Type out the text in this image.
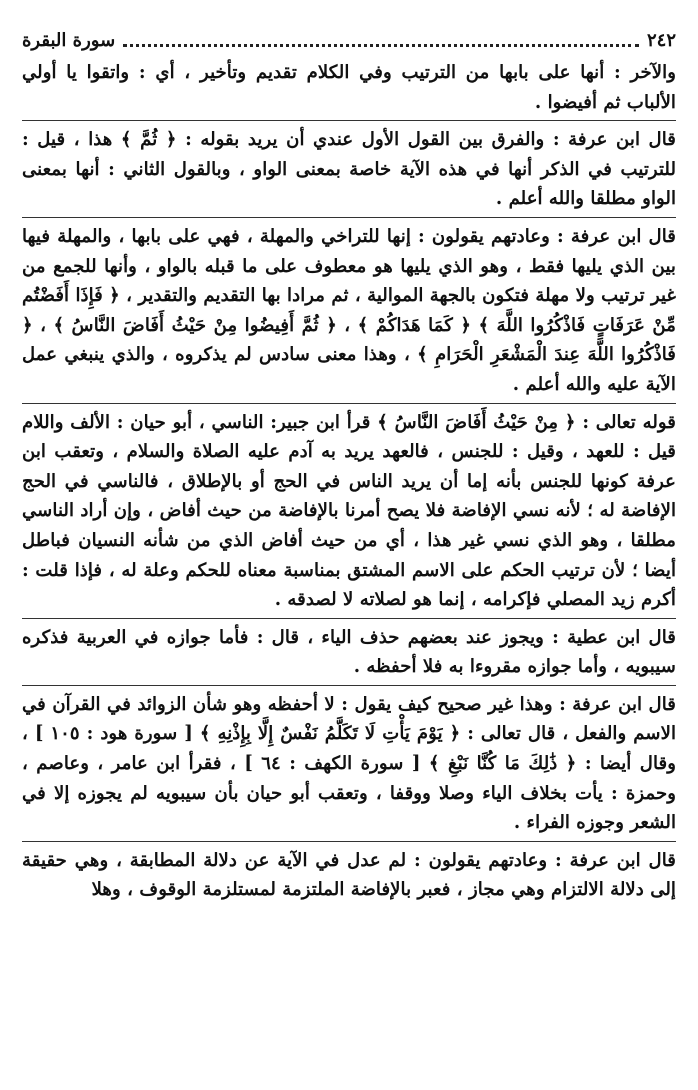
٢٤٢
سورة البقرة

والآخر : أنها على بابها من الترتيب وفي الكلام تقديم وتأخير ، أي : واتقوا يا أولي الألباب ثم أفيضوا .

قال ابن عرفة : والفرق بين القول الأول عندي أن يريد بقوله : ﴿ ثُمَّ ﴾ هذا ، قيل : للترتيب في الذكر أنها في هذه الآية خاصة بمعنى الواو ، وبالقول الثاني : أنها بمعنى الواو مطلقا والله أعلم .

قال ابن عرفة : وعادتهم يقولون : إنها للتراخي والمهلة ، فهي على بابها ، والمهلة فيها بين الذي يليها فقط ، وهو الذي يليها هو معطوف على ما قبله بالواو ، وأنها للجمع من غير ترتيب ولا مهلة فتكون بالجهة الموالية ، ثم مرادا بها التقديم والتقدير ، ﴿ فَإِذَا أَفَضْتُم مِّنْ عَرَفَاتٍ فَاذْكُرُوا اللَّهَ ﴾ ﴿ كَمَا هَدَاكُمْ ﴾ ، ﴿ ثُمَّ أَفِيضُوا مِنْ حَيْثُ أَفَاضَ النَّاسُ ﴾ ، ﴿ فَاذْكُرُوا اللَّهَ عِندَ الْمَشْعَرِ الْحَرَامِ ﴾ ، وهذا معنى سادس لم يذكروه ، والذي ينبغي عمل الآية عليه والله أعلم .

قوله تعالى : ﴿ مِنْ حَيْثُ أَفَاضَ النَّاسُ ﴾ قرأ ابن جبير: الناسي ، أبو حيان : الألف واللام قيل : للعهد ، وقيل : للجنس ، فالعهد يريد به آدم عليه الصلاة والسلام ، وتعقب ابن عرفة كونها للجنس بأنه إما أن يريد الناس في الحج أو بالإطلاق ، فالناسي في الحج الإفاضة له ؛ لأنه نسي الإفاضة فلا يصح أمرنا بالإفاضة من حيث أفاض ، وإن أراد الناسي مطلقا ، وهو الذي نسي غير هذا ، أي من حيث أفاض الذي من شأنه النسيان فباطل أيضا ؛ لأن ترتيب الحكم على الاسم المشتق بمناسبة معناه للحكم وعلة له ، فإذا قلت : أكرم زيد المصلي فإكرامه ، إنما هو لصلاته لا لصدقه .

قال ابن عطية : ويجوز عند بعضهم حذف الياء ، قال : فأما جوازه في العربية فذكره سيبويه ، وأما جوازه مقروءا به فلا أحفظه .

قال ابن عرفة : وهذا غير صحيح كيف يقول : لا أحفظه وهو شأن الزوائد في القرآن في الاسم والفعل ، قال تعالى : ﴿ يَوْمَ يَأْتِ لَا تَكَلَّمُ نَفْسٌ إِلَّا بِإِذْنِهِ ﴾ [ سورة هود : ١٠٥ ] ، وقال أيضا : ﴿ ذَٰلِكَ مَا كُنَّا نَبْغِ ﴾ [ سورة الكهف : ٦٤ ] ، فقرأ ابن عامر ، وعاصم ، وحمزة : يأت بخلاف الياء وصلا ووقفا ، وتعقب أبو حيان بأن سيبويه لم يجوزه إلا في الشعر وجوزه الفراء .

قال ابن عرفة : وعادتهم يقولون : لم عدل في الآية عن دلالة المطابقة ، وهي حقيقة إلى دلالة الالتزام وهي مجاز ، فعبر بالإفاضة الملتزمة لمستلزمة الوقوف ، وهلا
